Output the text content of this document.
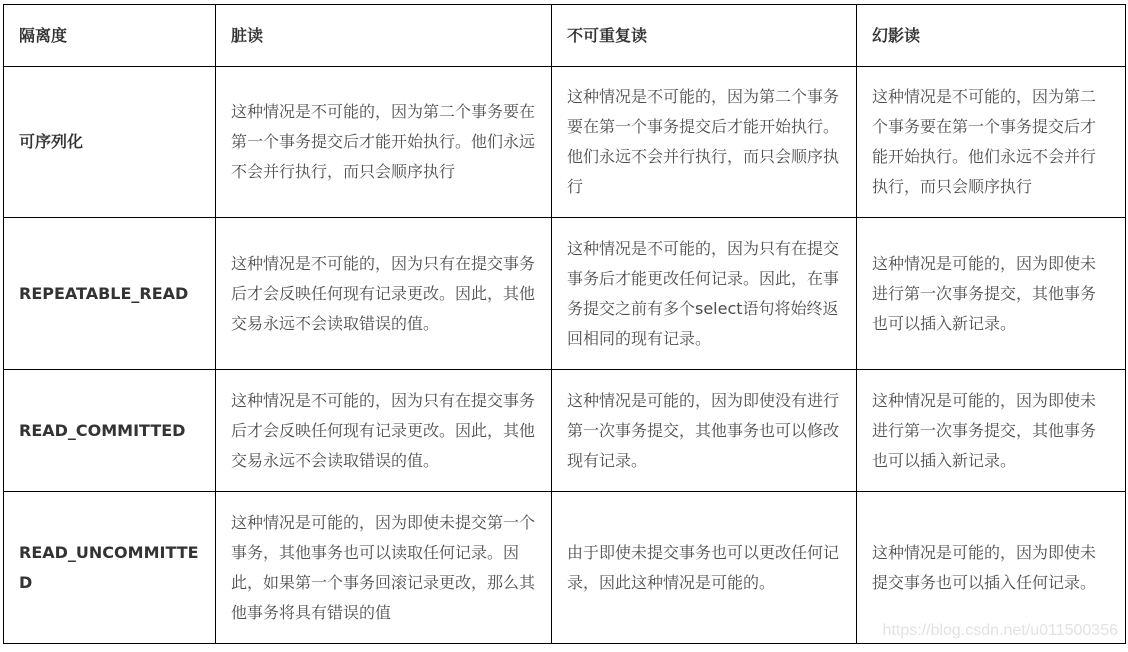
隔离度	脏读	不可重复读	幻影读
可序列化	这种情况是不可能的，因为第二个事务要在第一个事务提交后才能开始执行。他们永远不会并行执行，而只会顺序执行	这种情况是不可能的，因为第二个事务要在第一个事务提交后才能开始执行。他们永远不会并行执行，而只会顺序执行	这种情况是不可能的，因为第二个事务要在第一个事务提交后才能开始执行。他们永远不会并行执行，而只会顺序执行
REPEATABLE_READ	这种情况是不可能的，因为只有在提交事务后才会反映任何现有记录更改。因此，其他交易永远不会读取错误的值。	这种情况是不可能的，因为只有在提交事务后才能更改任何记录。因此，在事务提交之前有多个select语句将始终返回相同的现有记录。	这种情况是可能的，因为即使未进行第一次事务提交，其他事务也可以插入新记录。
READ_COMMITTED	这种情况是不可能的，因为只有在提交事务后才会反映任何现有记录更改。因此，其他交易永远不会读取错误的值。	这种情况是可能的，因为即使没有进行第一次事务提交，其他事务也可以修改现有记录。	这种情况是可能的，因为即使未进行第一次事务提交，其他事务也可以插入新记录。
READ_UNCOMMITTED	这种情况是可能的，因为即使未提交第一个事务，其他事务也可以读取任何记录。因此，如果第一个事务回滚记录更改，那么其他事务将具有错误的值	由于即使未提交事务也可以更改任何记录，因此这种情况是可能的。	这种情况是可能的，因为即使未提交事务也可以插入任何记录。
https://blog.csdn.net/u011500356
